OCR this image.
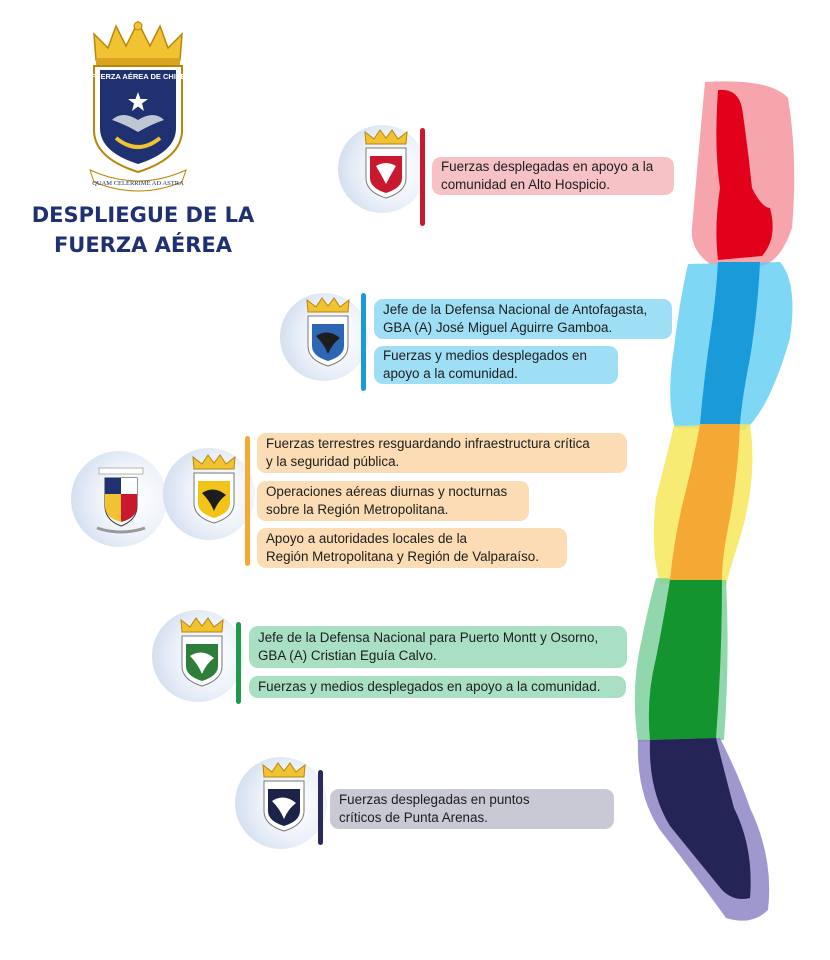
FUERZA AÉREA DE CHILE
QUAM CELERRIME AD ASTRA
DESPLIEGUE DE LA
FUERZA AÉREA
Fuerzas desplegadas en apoyo a la
comunidad en Alto Hospicio.
Jefe de la Defensa Nacional de Antofagasta,
GBA (A) José Miguel Aguirre Gamboa.
Fuerzas y medios desplegados en
apoyo a la comunidad.
Fuerzas terrestres resguardando infraestructura crítica
y la seguridad pública.
Operaciones aéreas diurnas y nocturnas
sobre la Región Metropolitana.
Apoyo a autoridades locales de la
Región Metropolitana y Región de Valparaíso.
Jefe de la Defensa Nacional para Puerto Montt y Osorno,
GBA (A) Cristian Eguía Calvo.
Fuerzas y medios desplegados en apoyo a la comunidad.
Fuerzas desplegadas en puntos
críticos de Punta Arenas.
